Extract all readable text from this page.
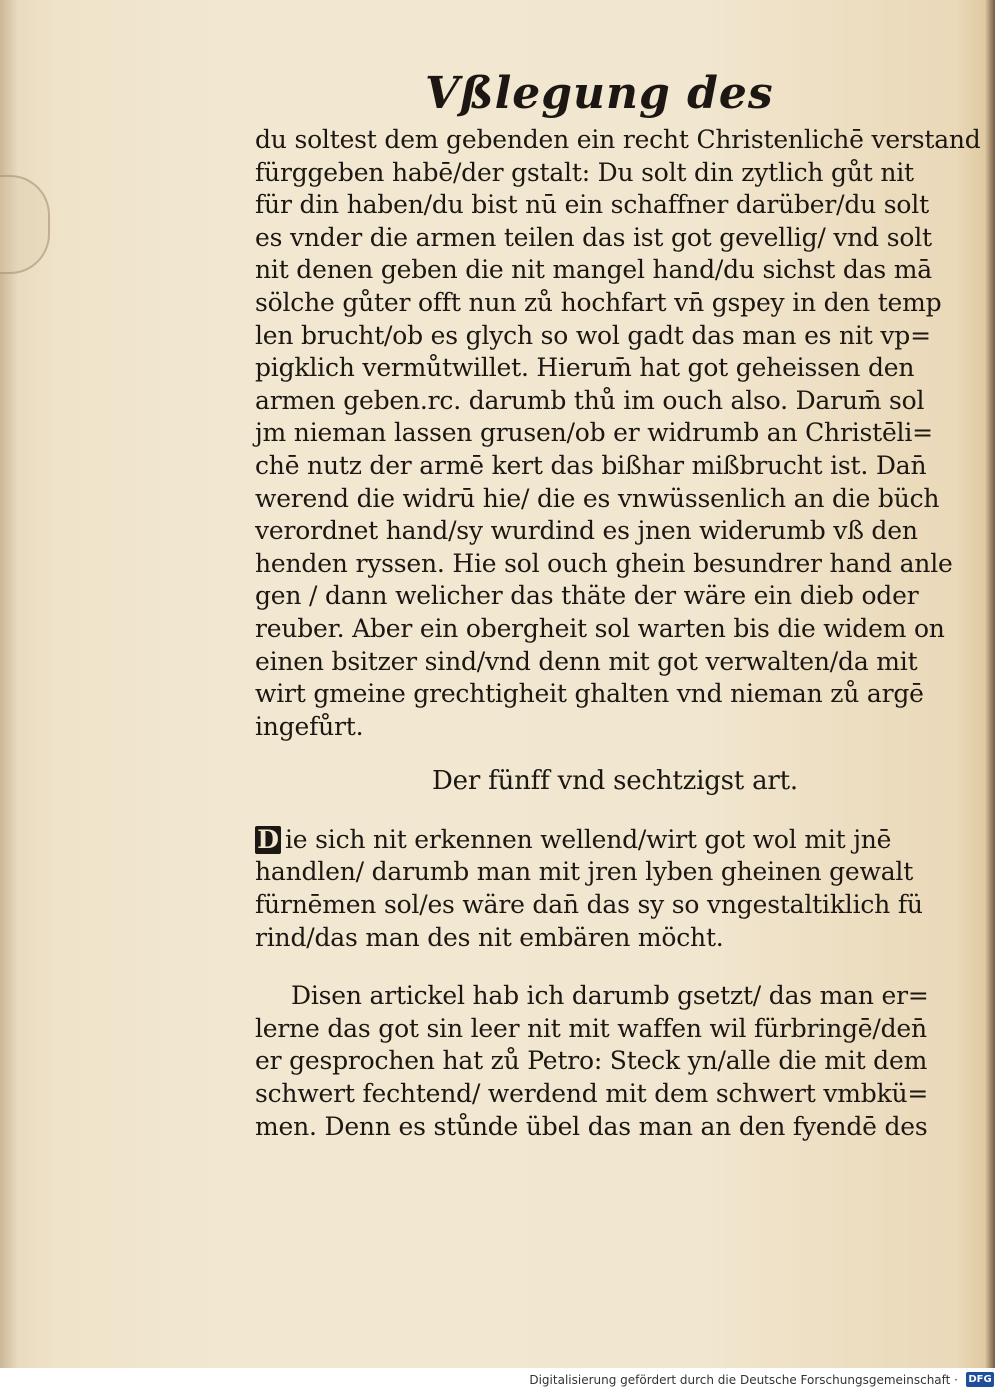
Vßlegung des
du soltest dem gebenden ein recht Christenlichē verstand
fürggeben habē/der gstalt: Du solt din zytlich gůt nit
für din haben/du bist nū ein schaffner darüber/du solt
es vnder die armen teilen das ist got gevellig/ vnd solt
nit denen geben die nit mangel hand/du sichst das mā
sölche gůter offt nun zů hochfart vn̄ gspey in den temp
len brucht/ob es glych so wol gadt das man es nit vp=
pigklich vermůtwillet. Hierum̄ hat got geheissen den
armen geben.rc. darumb thů im ouch also. Darum̄ sol
jm nieman lassen grusen/ob er widrumb an Christēli=
chē nutz der armē kert das bißhar mißbrucht ist. Dan̄
werend die widrū hie/ die es vnwüssenlich an die büch
verordnet hand/sy wurdind es jnen widerumb vß den
henden ryssen. Hie sol ouch ghein besundrer hand anle
gen / dann welicher das thäte der wäre ein dieb oder
reuber. Aber ein obergheit sol warten bis die widem on
einen bsitzer sind/vnd denn mit got verwalten/da mit
wirt gmeine grechtigheit ghalten vnd nieman zů argē
ingefůrt.
Der fünff vnd sechtzigst art.
D ie sich nit erkennen wellend/wirt got wol mit jnē
handlen/ darumb man mit jren lyben gheinen gewalt
fürnēmen sol/es wäre dan̄ das sy so vngestaltiklich fü
rind/das man des nit embären möcht.
Disen artickel hab ich darumb gsetzt/ das man er=
lerne das got sin leer nit mit waffen wil fürbringē/den̄
er gesprochen hat zů Petro: Steck yn/alle die mit dem
schwert fechtend/ werdend mit dem schwert vmbkü=
men. Denn es stůnde übel das man an den fyendē des
Digitalisierung gefördert durch die Deutsche Forschungsgemeinschaft · DFG
